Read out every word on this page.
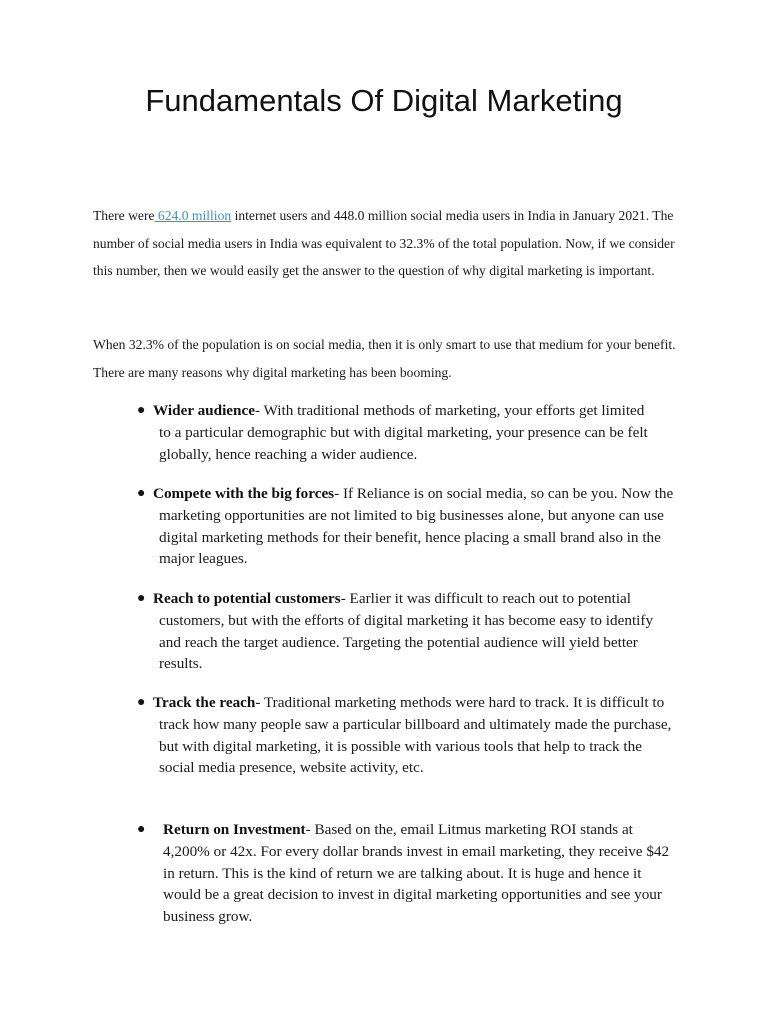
Fundamentals Of Digital Marketing

There were 624.0 million internet users and 448.0 million social media users in India in January 2021. The number of social media users in India was equivalent to 32.3% of the total population. Now, if we consider this number, then we would easily get the answer to the question of why digital marketing is important.

When 32.3% of the population is on social media, then it is only smart to use that medium for your benefit. There are many reasons why digital marketing has been booming.

● Wider audience- With traditional methods of marketing, your efforts get limited to a particular demographic but with digital marketing, your presence can be felt globally, hence reaching a wider audience.
● Compete with the big forces- If Reliance is on social media, so can be you. Now the marketing opportunities are not limited to big businesses alone, but anyone can use digital marketing methods for their benefit, hence placing a small brand also in the major leagues.
● Reach to potential customers- Earlier it was difficult to reach out to potential customers, but with the efforts of digital marketing it has become easy to identify and reach the target audience. Targeting the potential audience will yield better results.
● Track the reach- Traditional marketing methods were hard to track. It is difficult to track how many people saw a particular billboard and ultimately made the purchase, but with digital marketing, it is possible with various tools that help to track the social media presence, website activity, etc.
● Return on Investment- Based on the, email Litmus marketing ROI stands at 4,200% or 42x. For every dollar brands invest in email marketing, they receive $42 in return. This is the kind of return we are talking about. It is huge and hence it would be a great decision to invest in digital marketing opportunities and see your business grow.
